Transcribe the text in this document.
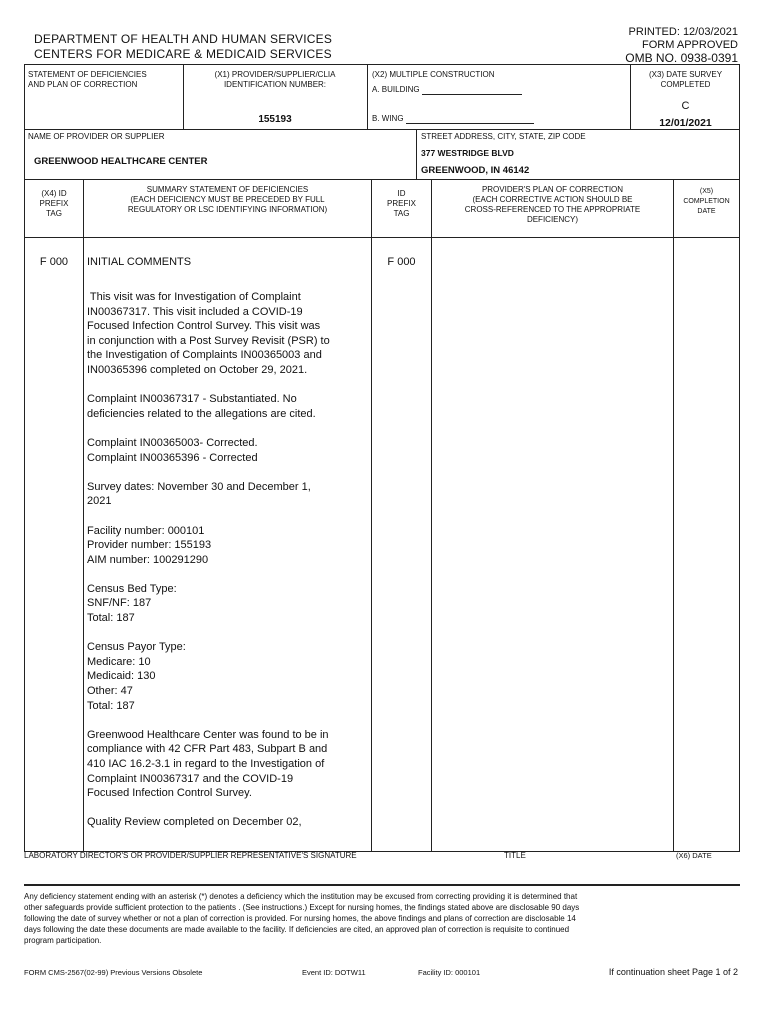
DEPARTMENT OF HEALTH AND HUMAN SERVICES
CENTERS FOR MEDICARE & MEDICAID SERVICES
PRINTED: 12/03/2021
FORM APPROVED
OMB NO. 0938-0391
STATEMENT OF DEFICIENCIES
AND PLAN OF CORRECTION
(X1) PROVIDER/SUPPLIER/CLIA
IDENTIFICATION NUMBER:
155193
(X2) MULTIPLE CONSTRUCTION
A. BUILDING
B. WING
(X3) DATE SURVEY
COMPLETED
C
12/01/2021
NAME OF PROVIDER OR SUPPLIER
GREENWOOD HEALTHCARE CENTER
STREET ADDRESS, CITY, STATE, ZIP CODE
377 WESTRIDGE BLVD
GREENWOOD, IN 46142
(X4) ID
PREFIX
TAG
SUMMARY STATEMENT OF DEFICIENCIES
(EACH DEFICIENCY MUST BE PRECEDED BY FULL
REGULATORY OR LSC IDENTIFYING INFORMATION)
ID
PREFIX
TAG
PROVIDER'S PLAN OF CORRECTION
(EACH CORRECTIVE ACTION SHOULD BE
CROSS-REFERENCED TO THE APPROPRIATE
DEFICIENCY)
(X5)
COMPLETION
DATE
F 000	F 000
INITIAL COMMENTS
This visit was for Investigation of Complaint
IN00367317. This visit included a COVID-19
Focused Infection Control Survey. This visit was
in conjunction with a Post Survey Revisit (PSR) to
the Investigation of Complaints IN00365003 and
IN00365396 completed on October 29, 2021.
Complaint IN00367317 - Substantiated. No
deficiencies related to the allegations are cited.
Complaint IN00365003- Corrected.
Complaint IN00365396 - Corrected
Survey dates: November 30 and December 1,
2021
Facility number: 000101
Provider number: 155193
AIM number: 100291290
Census Bed Type:
SNF/NF: 187
Total: 187
Census Payor Type:
Medicare: 10
Medicaid: 130
Other: 47
Total: 187
Greenwood Healthcare Center was found to be in
compliance with 42 CFR Part 483, Subpart B and
410 IAC 16.2-3.1 in regard to the Investigation of
Complaint IN00367317 and the COVID-19
Focused Infection Control Survey.
Quality Review completed on December 02,
LABORATORY DIRECTOR'S OR PROVIDER/SUPPLIER REPRESENTATIVE'S SIGNATURE	TITLE	(X6) DATE
Any deficiency statement ending with an asterisk (*) denotes a deficiency which the institution may be excused from correcting providing it is determined that
other safeguards provide sufficient protection to the patients . (See instructions.) Except for nursing homes, the findings stated above are disclosable 90 days
following the date of survey whether or not a plan of correction is provided. For nursing homes, the above findings and plans of correction are disclosable 14
days following the date these documents are made available to the facility. If deficiencies are cited, an approved plan of correction is requisite to continued
program participation.
FORM CMS-2567(02-99) Previous Versions Obsolete	Event ID: DOTW11	Facility ID: 000101	If continuation sheet Page 1 of 2
